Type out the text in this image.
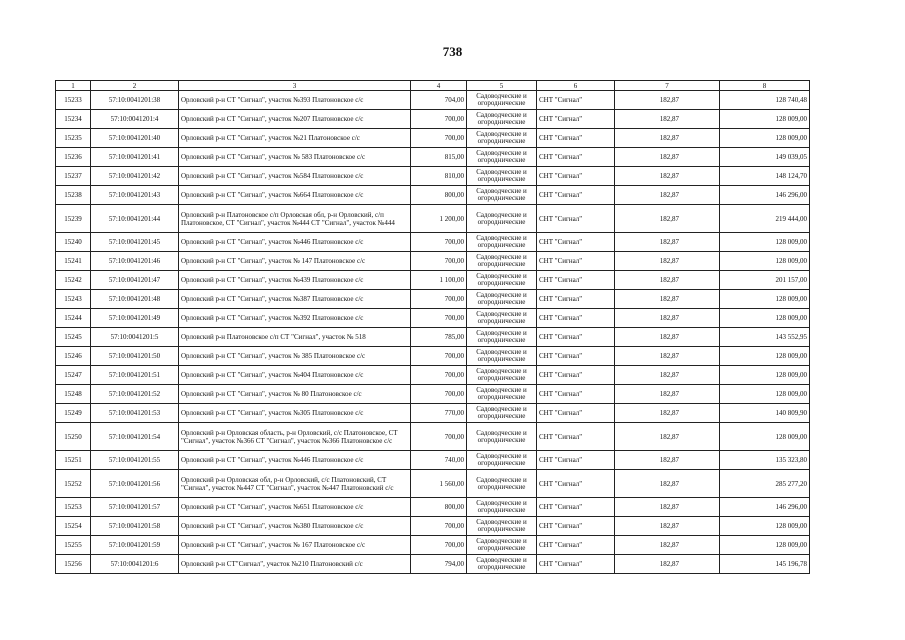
738
1	2	3	4	5	6	7	8
15233	57:10:0041201:38	Орловский р-н СТ "Сигнал", участок №393 Платоновское с/с	704,00	Садоводческие и огороднические	СНТ "Сигнал"	182,87	128 740,48
15234	57:10:0041201:4	Орловский р-н СТ "Сигнал", участок №207 Платоновское с/с	700,00	Садоводческие и огороднические	СНТ "Сигнал"	182,87	128 009,00
15235	57:10:0041201:40	Орловский р-н СТ "Сигнал", участок №21 Платоновское с/с	700,00	Садоводческие и огороднические	СНТ "Сигнал"	182,87	128 009,00
15236	57:10:0041201:41	Орловский р-н СТ "Сигнал", участок № 583 Платоновское с/с	815,00	Садоводческие и огороднические	СНТ "Сигнал"	182,87	149 039,05
15237	57:10:0041201:42	Орловский р-н СТ "Сигнал", участок №584 Платоновское с/с	810,00	Садоводческие и огороднические	СНТ "Сигнал"	182,87	148 124,70
15238	57:10:0041201:43	Орловский р-н СТ "Сигнал", участок №664 Платоновское с/с	800,00	Садоводческие и огороднические	СНТ "Сигнал"	182,87	146 296,00
15239	57:10:0041201:44	Орловский р-н Платоновское с/п Орловская обл, р-н Орловский, с/п Платоновское, СТ "Сигнал", участок №444 СТ "Сигнал", участок №444	1 200,00	Садоводческие и огороднические	СНТ "Сигнал"	182,87	219 444,00
15240	57:10:0041201:45	Орловский р-н СТ "Сигнал", участок №446 Платоновское с/с	700,00	Садоводческие и огороднические	СНТ "Сигнал"	182,87	128 009,00
15241	57:10:0041201:46	Орловский р-н СТ "Сигнал", участок № 147 Платоновское с/с	700,00	Садоводческие и огороднические	СНТ "Сигнал"	182,87	128 009,00
15242	57:10:0041201:47	Орловский р-н СТ "Сигнал", участок №439 Платоновское с/с	1 100,00	Садоводческие и огороднические	СНТ "Сигнал"	182,87	201 157,00
15243	57:10:0041201:48	Орловский р-н СТ "Сигнал", участок №387 Платоновское с/с	700,00	Садоводческие и огороднические	СНТ "Сигнал"	182,87	128 009,00
15244	57:10:0041201:49	Орловский р-н СТ "Сигнал", участок №392 Платоновское с/с	700,00	Садоводческие и огороднические	СНТ "Сигнал"	182,87	128 009,00
15245	57:10:0041201:5	Орловский р-н Платоновское с/п СТ "Сигнал", участок № 518	785,00	Садоводческие и огороднические	СНТ "Сигнал"	182,87	143 552,95
15246	57:10:0041201:50	Орловский р-н СТ "Сигнал", участок № 385 Платоновское с/с	700,00	Садоводческие и огороднические	СНТ "Сигнал"	182,87	128 009,00
15247	57:10:0041201:51	Орловский р-н СТ "Сигнал", участок №404 Платоновское с/с	700,00	Садоводческие и огороднические	СНТ "Сигнал"	182,87	128 009,00
15248	57:10:0041201:52	Орловский р-н СТ "Сигнал", участок № 80 Платоновское с/с	700,00	Садоводческие и огороднические	СНТ "Сигнал"	182,87	128 009,00
15249	57:10:0041201:53	Орловский р-н СТ "Сигнал", участок №305 Платоновское с/с	770,00	Садоводческие и огороднические	СНТ "Сигнал"	182,87	140 809,90
15250	57:10:0041201:54	Орловский р-н Орловская область, р-н Орловский, с/с Платоновское, СТ "Сигнал", участок №366 СТ "Сигнал", участок №366 Платоновское с/с	700,00	Садоводческие и огороднические	СНТ "Сигнал"	182,87	128 009,00
15251	57:10:0041201:55	Орловский р-н СТ "Сигнал", участок №446 Платоновское с/с	740,00	Садоводческие и огороднические	СНТ "Сигнал"	182,87	135 323,80
15252	57:10:0041201:56	Орловский р-н Орловская обл, р-н Орловский, с/с Платоновский, СТ "Сигнал", участок №447 СТ "Сигнал", участок №447 Платоновский с/с	1 560,00	Садоводческие и огороднические	СНТ "Сигнал"	182,87	285 277,20
15253	57:10:0041201:57	Орловский р-н СТ "Сигнал", участок №651 Платоновское с/с	800,00	Садоводческие и огороднические	СНТ "Сигнал"	182,87	146 296,00
15254	57:10:0041201:58	Орловский р-н СТ "Сигнал", участок №380 Платоновское с/с	700,00	Садоводческие и огороднические	СНТ "Сигнал"	182,87	128 009,00
15255	57:10:0041201:59	Орловский р-н СТ "Сигнал", участок № 167 Платоновское с/с	700,00	Садоводческие и огороднические	СНТ "Сигнал"	182,87	128 009,00
15256	57:10:0041201:6	Орловский р-н СТ"Сигнал", участок №210 Платоновский с/с	794,00	Садоводческие и огороднические	СНТ "Сигнал"	182,87	145 196,78
